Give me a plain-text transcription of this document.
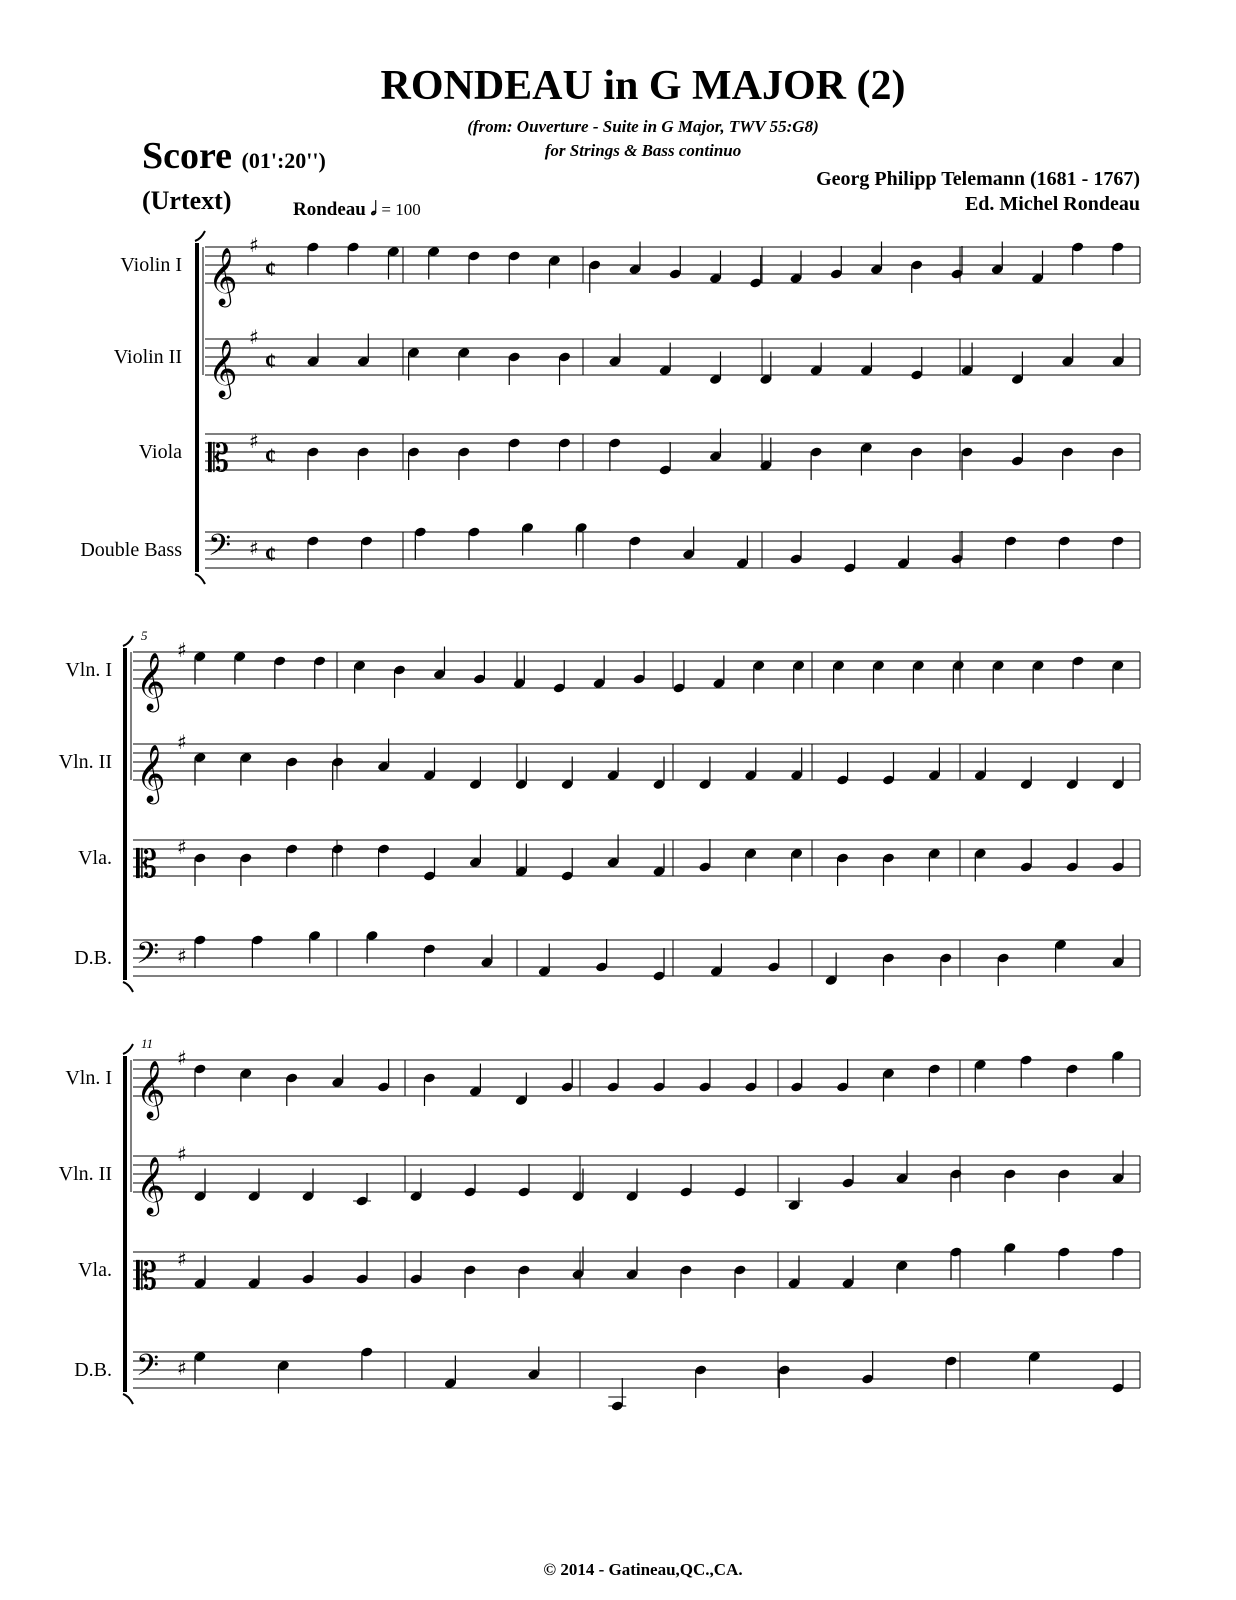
RONDEAU in G MAJOR (2)
(from: Ouverture - Suite in G Major, TWV 55:G8)
for Strings & Bass continuo
Score (01':20'')
(Urtext)
Georg Philipp Telemann (1681 - 1767)
Ed. Michel Rondeau
Rondeau 𝅗𝅥 = 100
Violin I 𝄞
♯
¢
Violin II 𝄞
♯
¢
Viola 𝄡 ♯
¢
Double Bass 𝄢 ♯ ¢
5
Vln. I 𝄞
♯
Vln. II 𝄞
♯
Vla. 𝄡 ♯
D.B. 𝄢 ♯
11
Vln. I 𝄞
♯
Vln. II 𝄞
♯
Vla. 𝄡 ♯
D.B. 𝄢 ♯
© 2014 - Gatineau,QC.,CA.
